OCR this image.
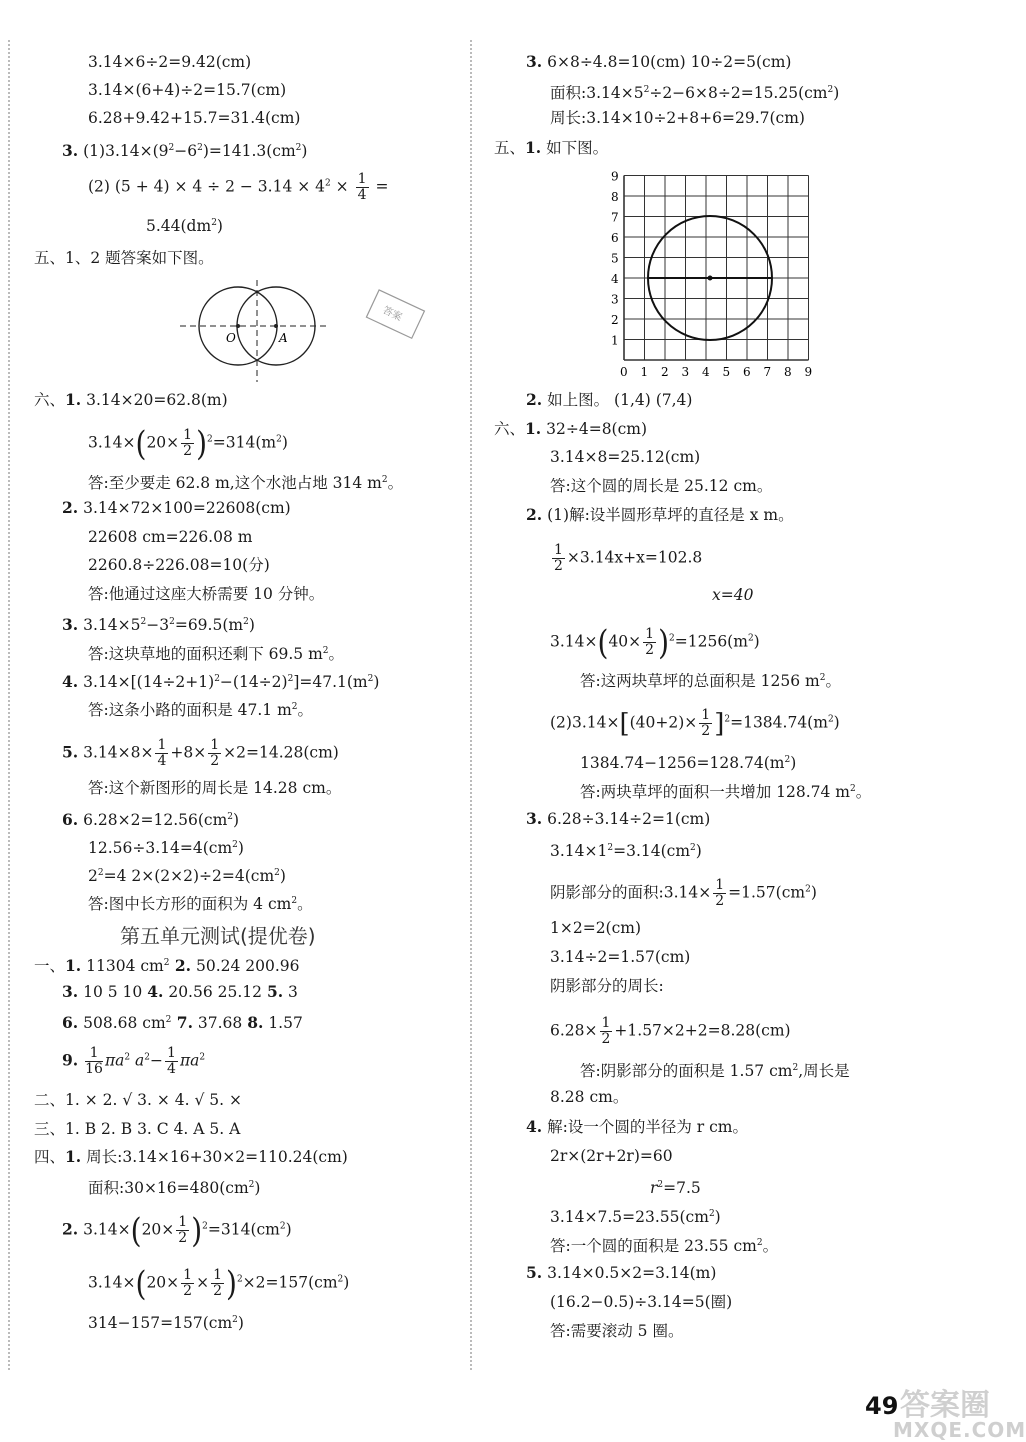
3.14×6÷2=9.42(cm)
3.14×(6+4)÷2=15.7(cm)
6.28+9.42+15.7=31.4(cm)
3. $(1)3.14\times(9^2-6^2)=141.3(cm^2)$
(2) $(5 + 4) \times 4 \div 2 - 3.14 \times 4^2 \times \frac{1}{4}$ =
$5.44(dm^2)$
五、1、2 题答案如下图。
O	A
答案
六、1. 3.14×20=62.8(m)
$3.14\times(20\times \frac{1}{2} )^2=314(m^2)$
答:至少要走 62.8 m,这个水池占地 314 $m^2$。
2. 3.14×72×100=22608(cm)
22608 cm=226.08 m
2260.8÷226.08=10(分)
答:他通过这座大桥需要 10 分钟。
3. $3.14\times 5^2-3^2=69.5(m^2)$
答:这块草地的面积还剩下 69.5 $m^2$。
4. $3.14\times[(14\div 2+1)^2-(14\div 2)^2]=47.1(m^2)$
答:这条小路的面积是 47.1 $m^2$。
5. $3.14\times 8\times \frac{1}{4} +8\times \frac{1}{2} \times 2=14.28(cm)$
答:这个新图形的周长是 14.28 cm。
6. $6.28\times 2=12.56(cm^2)$
$12.56\div 3.14=4(cm^2)$
$2^2=4$ $2\times(2\times 2)\div 2=4(cm^2)$
答:图中长方形的面积为 4 $cm^2$。
第五单元测试(提优卷)
一、1. 11304 $cm^2$ 2. 50.24 200.96
3. 10 5 10 4. 20.56 25.12 5. 3
6. 508.68 $cm^2$ 7. 37.68 8. 1.57
9. $\frac{1}{16} \pi a^2$ $a^2- \frac{1}{4} \pi a^2$
二、1. × 2. √ 3. × 4. √ 5. ×
三、1. B 2. B 3. C 4. A 5. A
四、1. 周长:3.14×16+30×2=110.24(cm)
面积$:30\times 16=480(cm^2)$
2. $3.14\times(20\times \frac{1}{2} )^2=314(cm^2)$
$3.14\times(20\times \frac{1}{2} \times \frac{1}{2} )^2\times 2=157(cm^2)$
$314-157=157(cm^2)$
3. 6×8÷4.8=10(cm) 10÷2=5(cm)
面积$:3.14\times 5^2\div 2-6\times 8\div 2=15.25(cm^2)$
周长:3.14×10÷2+8+6=29.7(cm)
五、1. 如下图。
0 1
1
2
2
3
3
4
4
5
5
6
6
7
7
8
8
9
9
2. 如上图。 (1,4) (7,4)
六、1. 32÷4=8(cm)
3.14×8=25.12(cm)
答:这个圆的周长是 25.12 cm。
2. (1)解:设半圆形草坪的直径是 x m。
$\frac{1}{2} \times 3.14x+x=102.8$
x=40
$3.14\times(40\times \frac{1}{2} )^2=1256(m^2)$
答:这两块草坪的总面积是 1256 $m^2$。
$(2)3.14\times[(40+2)\times \frac{1}{2} ]^2=1384.74(m^2)$
$1384.74-1256=128.74(m^2)$
答:两块草坪的面积一共增加 128.74 $m^2$。
3. 6.28÷3.14÷2=1(cm)
$3.14\times 1^2=3.14(cm^2)$
阴影部分的面积:3.14× $\frac{1}{2} =1.57(cm^2)$
1×2=2(cm)
3.14÷2=1.57(cm)
阴影部分的周长:
$6.28\times \frac{1}{2} +1.57\times 2+2=8.28(cm)$
答:阴影部分的面积是 1.57 $cm^2$,周长是
8.28 cm。
4. 解:设一个圆的半径为 r cm。
2r×(2r+2r)=60
$r^2=7.5$
$3.14\times 7.5=23.55(cm^2)$
答:一个圆的面积是 23.55 $cm^2$。
5. 3.14×0.5×2=3.14(m)
(16.2−0.5)÷3.14=5(圈)
答:需要滚动 5 圈。
49 答案圈
MXQE.COM
